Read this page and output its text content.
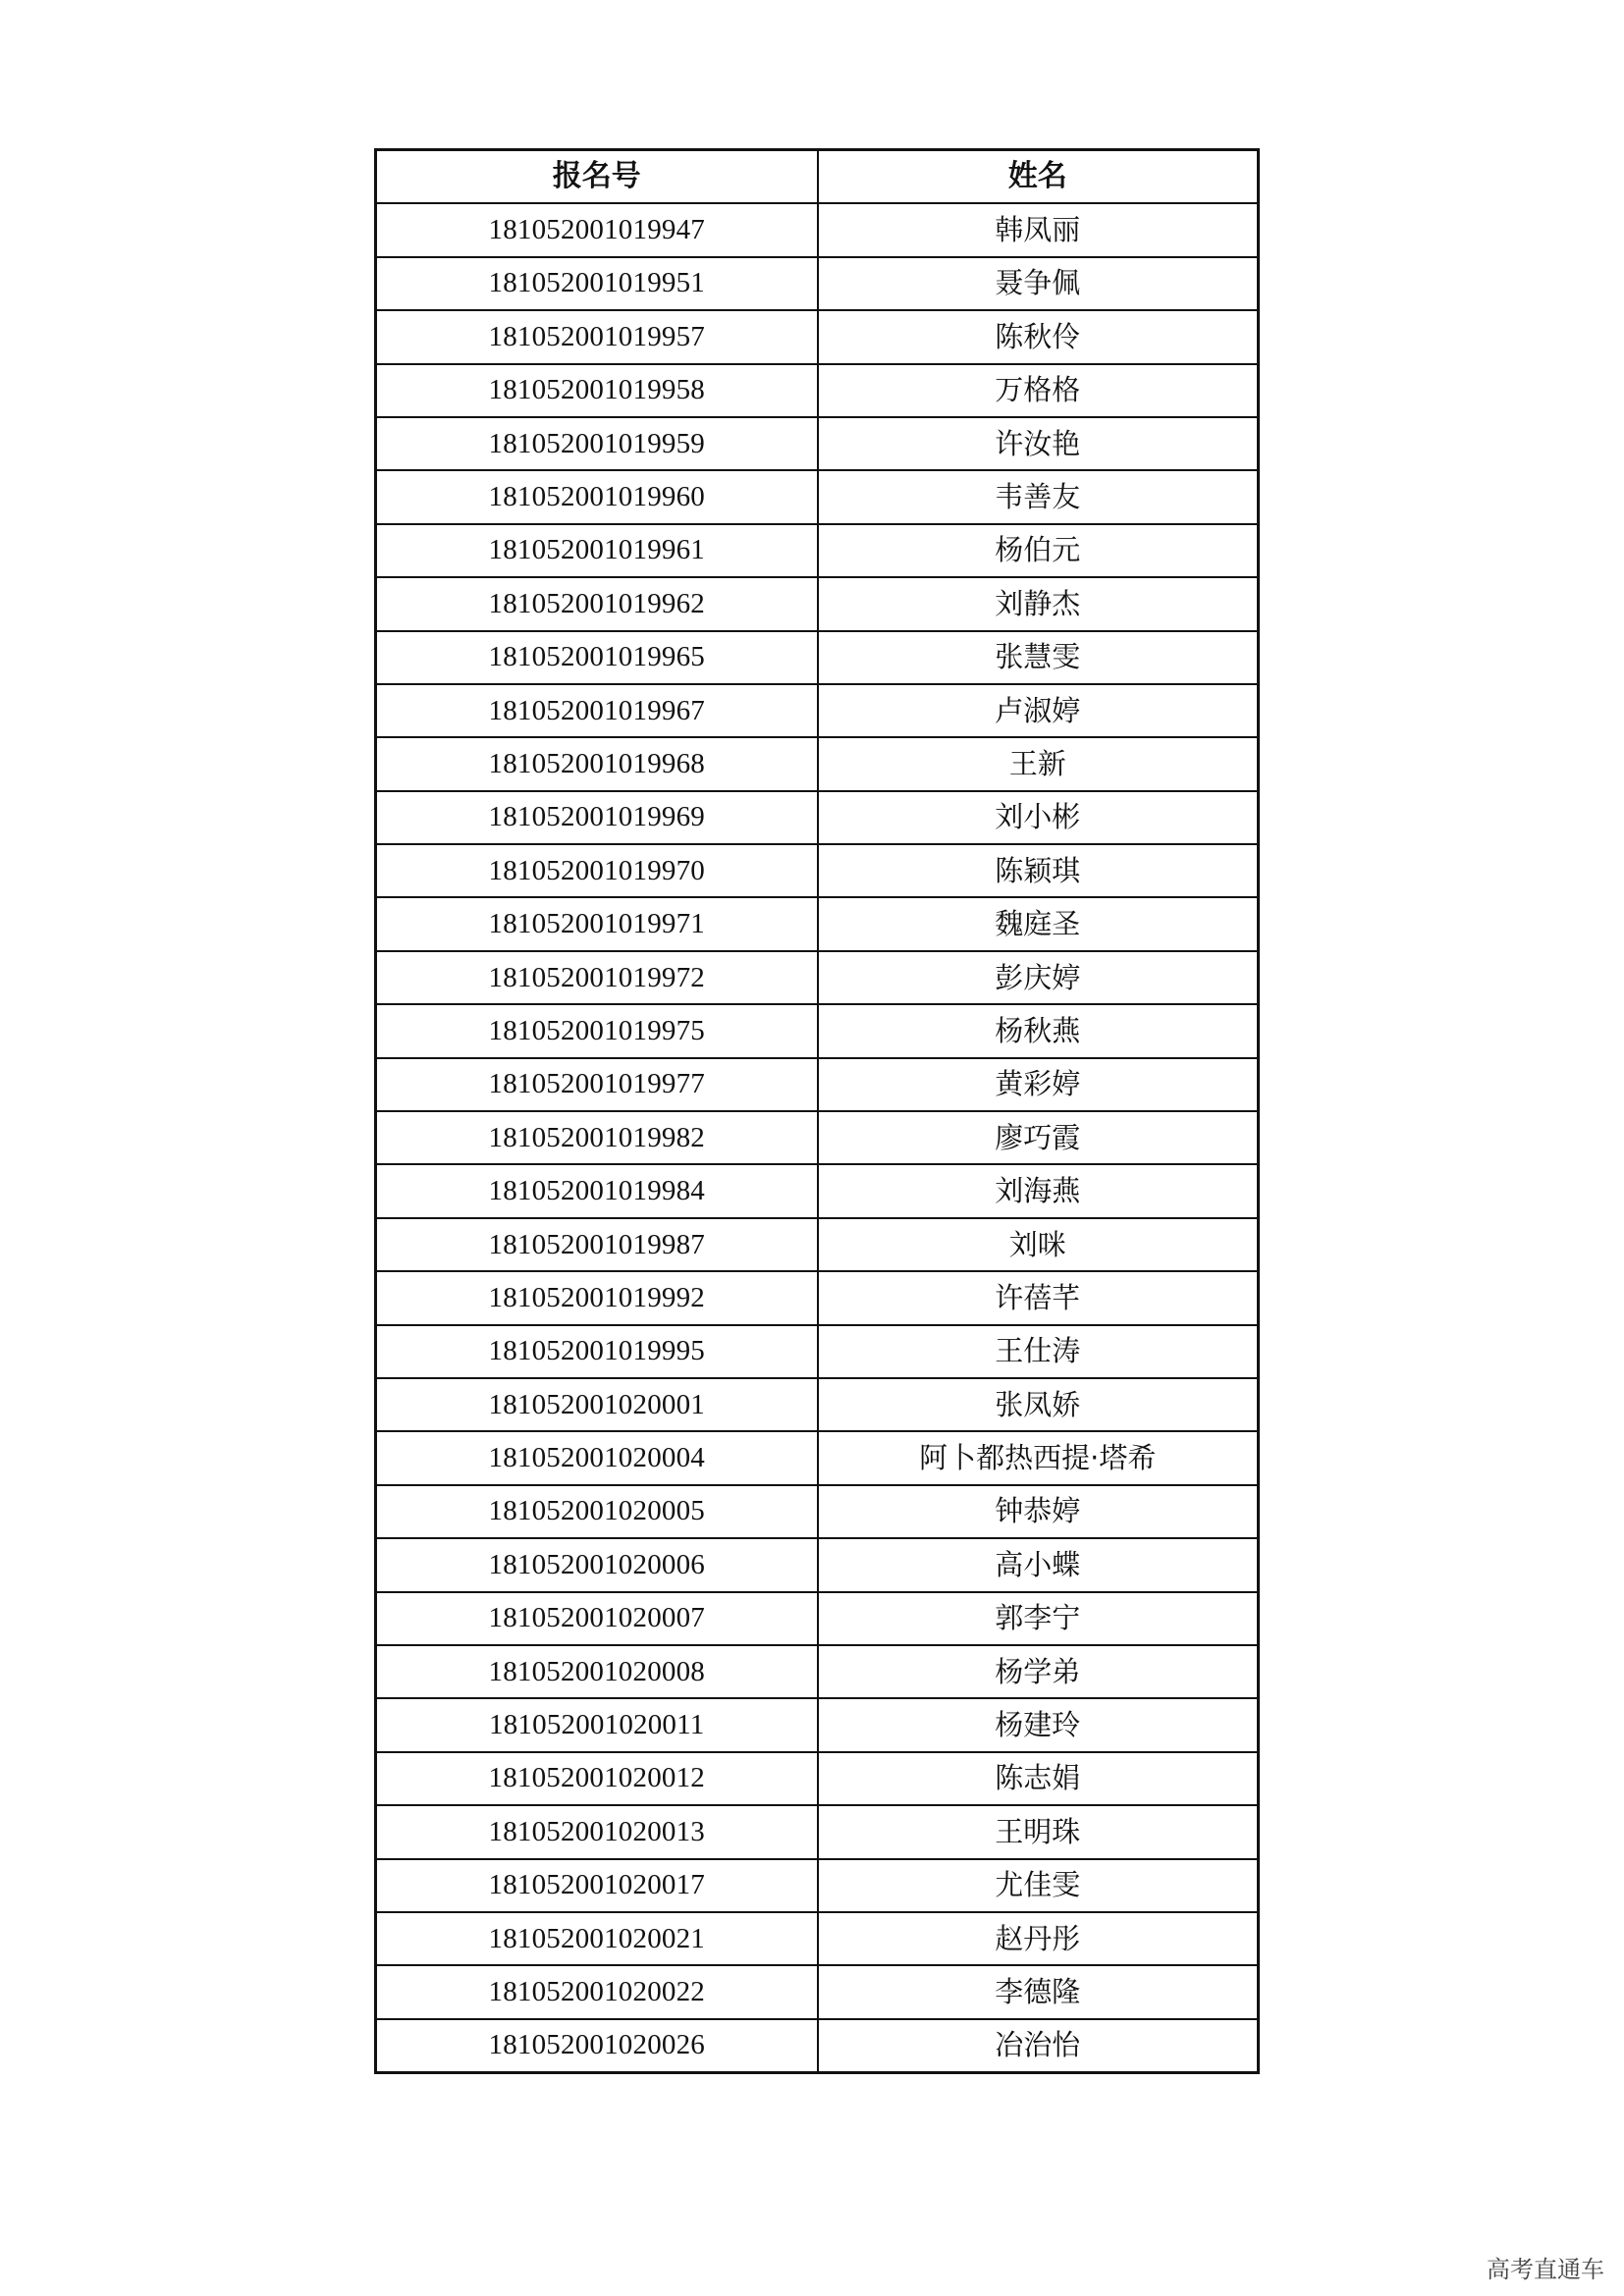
报名号	姓名
181052001019947	韩凤丽
181052001019951	聂争佩
181052001019957	陈秋伶
181052001019958	万格格
181052001019959	许汝艳
181052001019960	韦善友
181052001019961	杨伯元
181052001019962	刘静杰
181052001019965	张慧雯
181052001019967	卢淑婷
181052001019968	王新
181052001019969	刘小彬
181052001019970	陈颖琪
181052001019971	魏庭圣
181052001019972	彭庆婷
181052001019975	杨秋燕
181052001019977	黄彩婷
181052001019982	廖巧霞
181052001019984	刘海燕
181052001019987	刘咪
181052001019992	许蓓芊
181052001019995	王仕涛
181052001020001	张凤娇
181052001020004	阿卜都热西提·塔希
181052001020005	钟恭婷
181052001020006	高小蝶
181052001020007	郭李宁
181052001020008	杨学弟
181052001020011	杨建玲
181052001020012	陈志娟
181052001020013	王明珠
181052001020017	尤佳雯
181052001020021	赵丹彤
181052001020022	李德隆
181052001020026	冶治怡
高考直通车
